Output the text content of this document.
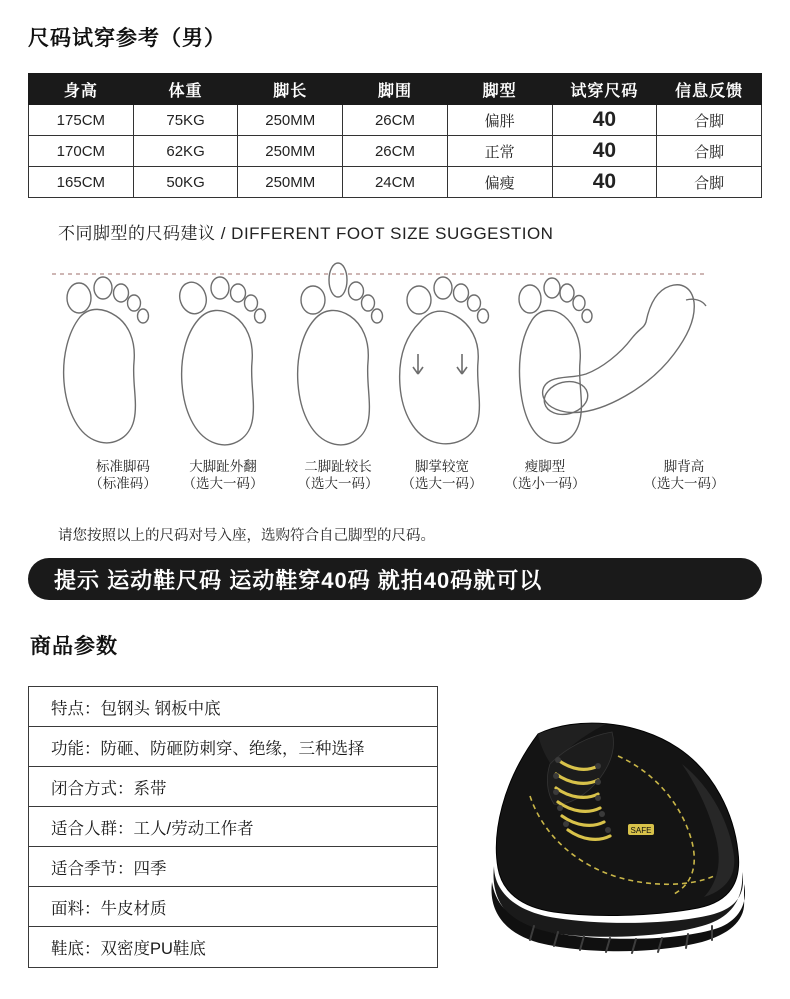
尺码试穿参考（男）
身高	体重	脚长	脚围	脚型	试穿尺码	信息反馈
175CM	75KG	250MM	26CM	偏胖	40	合脚
170CM	62KG	250MM	26CM	正常	40	合脚
165CM	50KG	250MM	24CM	偏瘦	40	合脚
不同脚型的尺码建议 / DIFFERENT FOOT SIZE SUGGESTION
标准脚码
（标准码）
大脚趾外翻
（选大一码）
二脚趾较长
（选大一码）
脚掌较宽
（选大一码）
瘦脚型
（选小一码）
脚背高
（选大一码）
请您按照以上的尺码对号入座，选购符合自己脚型的尺码。
提示 运动鞋尺码 运动鞋穿40码 就拍40码就可以
商品参数
特点：包钢头 钢板中底
功能：防砸、防砸防刺穿、绝缘，三种选择
闭合方式：系带
适合人群：工人/劳动工作者
适合季节：四季
面料：牛皮材质
鞋底：双密度PU鞋底
SAFE
